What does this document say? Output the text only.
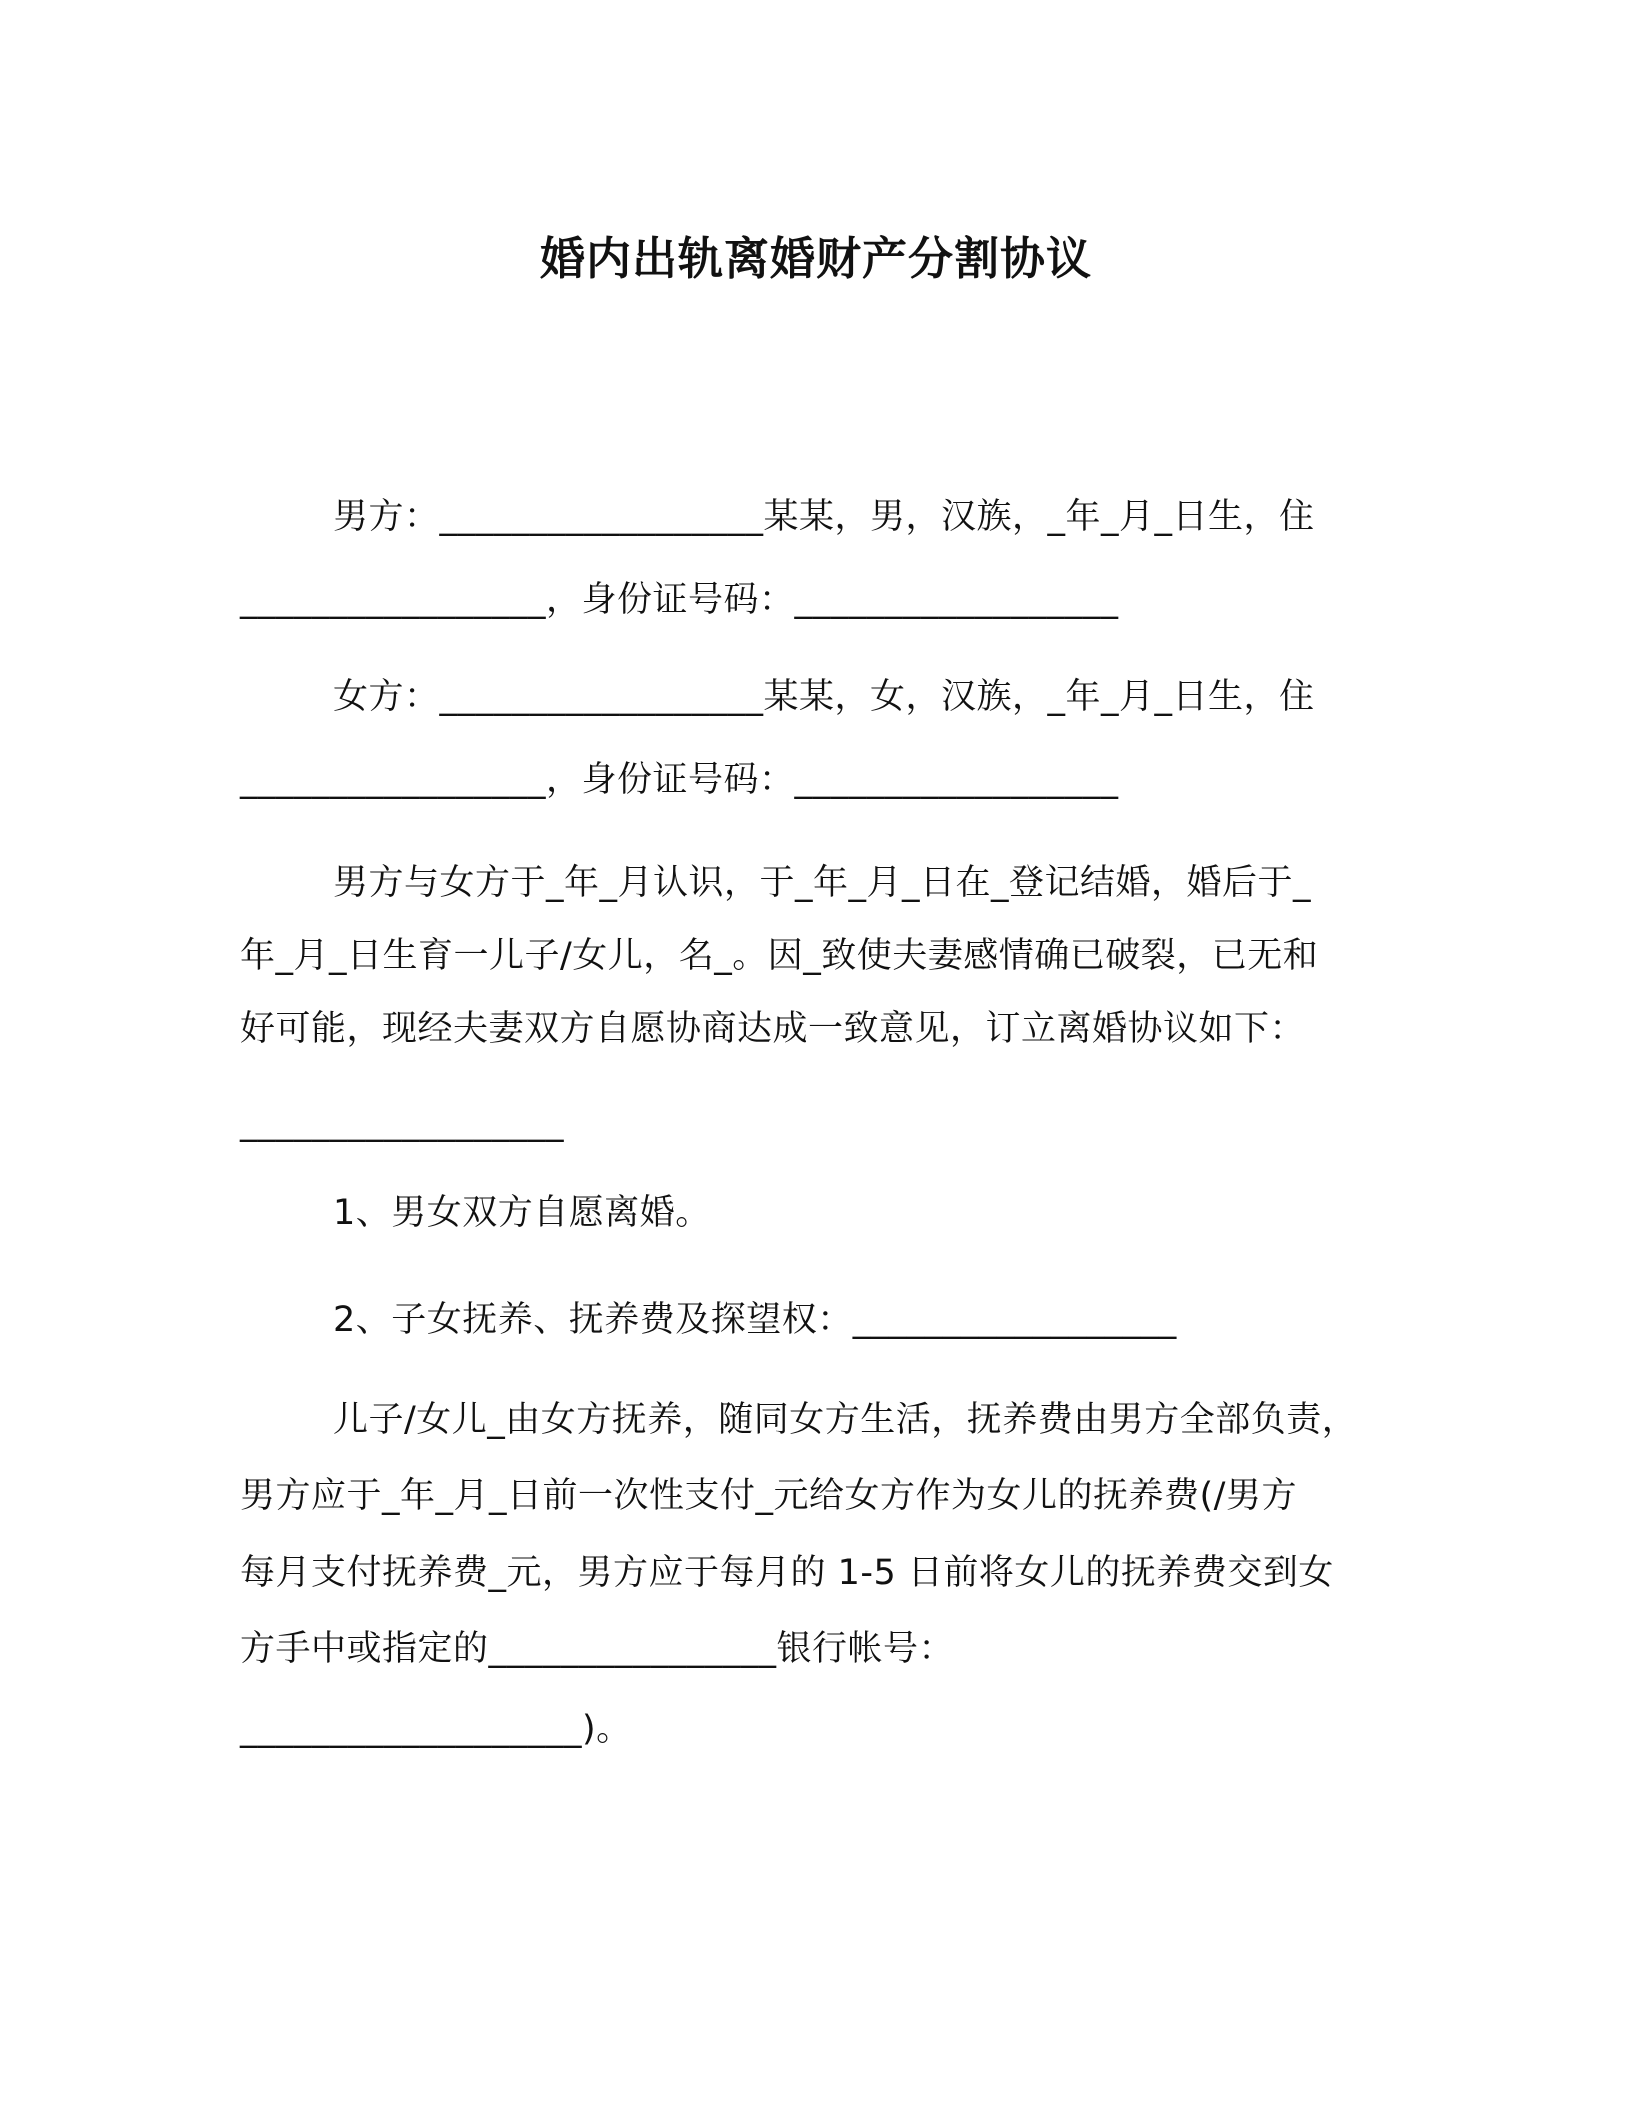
婚内出轨离婚财产分割协议
男方：__________________某某，男，汉族，_年_月_日生，住
_________________，身份证号码：__________________
女方：__________________某某，女，汉族，_年_月_日生，住
_________________，身份证号码：__________________
男方与女方于_年_月认识，于_年_月_日在_登记结婚，婚后于_
年_月_日生育一儿子/女儿，名_。因_致使夫妻感情确已破裂，已无和
好可能，现经夫妻双方自愿协商达成一致意见，订立离婚协议如下：
__________________
1、男女双方自愿离婚。
2、子女抚养、抚养费及探望权：__________________
儿子/女儿_由女方抚养，随同女方生活，抚养费由男方全部负责，
男方应于_年_月_日前一次性支付_元给女方作为女儿的抚养费(/男方
每月支付抚养费_元，男方应于每月的 1-5 日前将女儿的抚养费交到女
方手中或指定的________________银行帐号：
___________________)。
